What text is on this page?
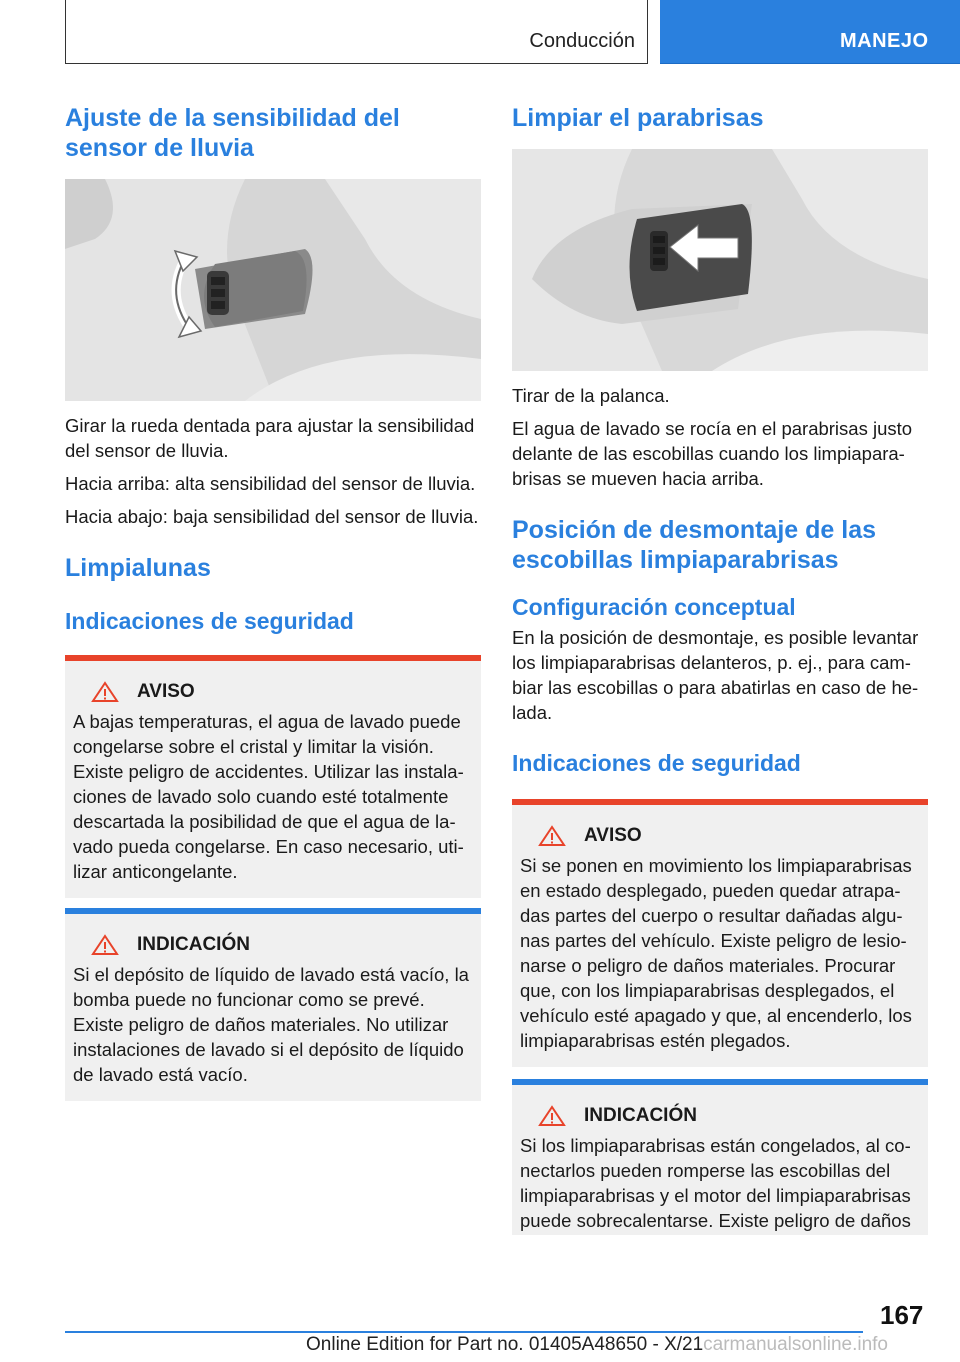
Conducción	MANEJO
Ajuste de la sensibilidad del sensor de lluvia

Girar la rueda dentada para ajustar la sensibilidad del sensor de lluvia.

Hacia arriba: alta sensibilidad del sensor de lluvia.

Hacia abajo: baja sensibilidad del sensor de lluvia.

Limpialunas
Indicaciones de seguridad
AVISO
A bajas temperaturas, el agua de lavado puede congelarse sobre el cristal y limitar la visión. Existe peligro de accidentes. Utilizar las instala-ciones de lavado solo cuando esté totalmente descartada la posibilidad de que el agua de la-vado pueda congelarse. En caso necesario, uti-lizar anticongelante.
INDICACIÓN
Si el depósito de líquido de lavado está vacío, la bomba puede no funcionar como se prevé. Existe peligro de daños materiales. No utilizar instalaciones de lavado si el depósito de líquido de lavado está vacío.
Limpiar el parabrisas

Tirar de la palanca.

El agua de lavado se rocía en el parabrisas justo delante de las escobillas cuando los limpiapara-brisas se mueven hacia arriba.

Posición de desmontaje de las escobillas limpiaparabrisas
Configuración conceptual

En la posición de desmontaje, es posible levantar los limpiaparabrisas delanteros, p. ej., para cam-biar las escobillas o para abatirlas en caso de he-lada.

Indicaciones de seguridad
AVISO
Si se ponen en movimiento los limpiaparabrisas en estado desplegado, pueden quedar atrapa-das partes del cuerpo o resultar dañadas algu-nas partes del vehículo. Existe peligro de lesio-narse o peligro de daños materiales. Procurar que, con los limpiaparabrisas desplegados, el vehículo esté apagado y que, al encenderlo, los limpiaparabrisas estén plegados.
INDICACIÓN
Si los limpiaparabrisas están congelados, al co-nectarlos pueden romperse las escobillas del limpiaparabrisas y el motor del limpiaparabrisas puede sobrecalentarse. Existe peligro de daños
167
Online Edition for Part no. 01405A48650 - X/21carmanualsonline.info
